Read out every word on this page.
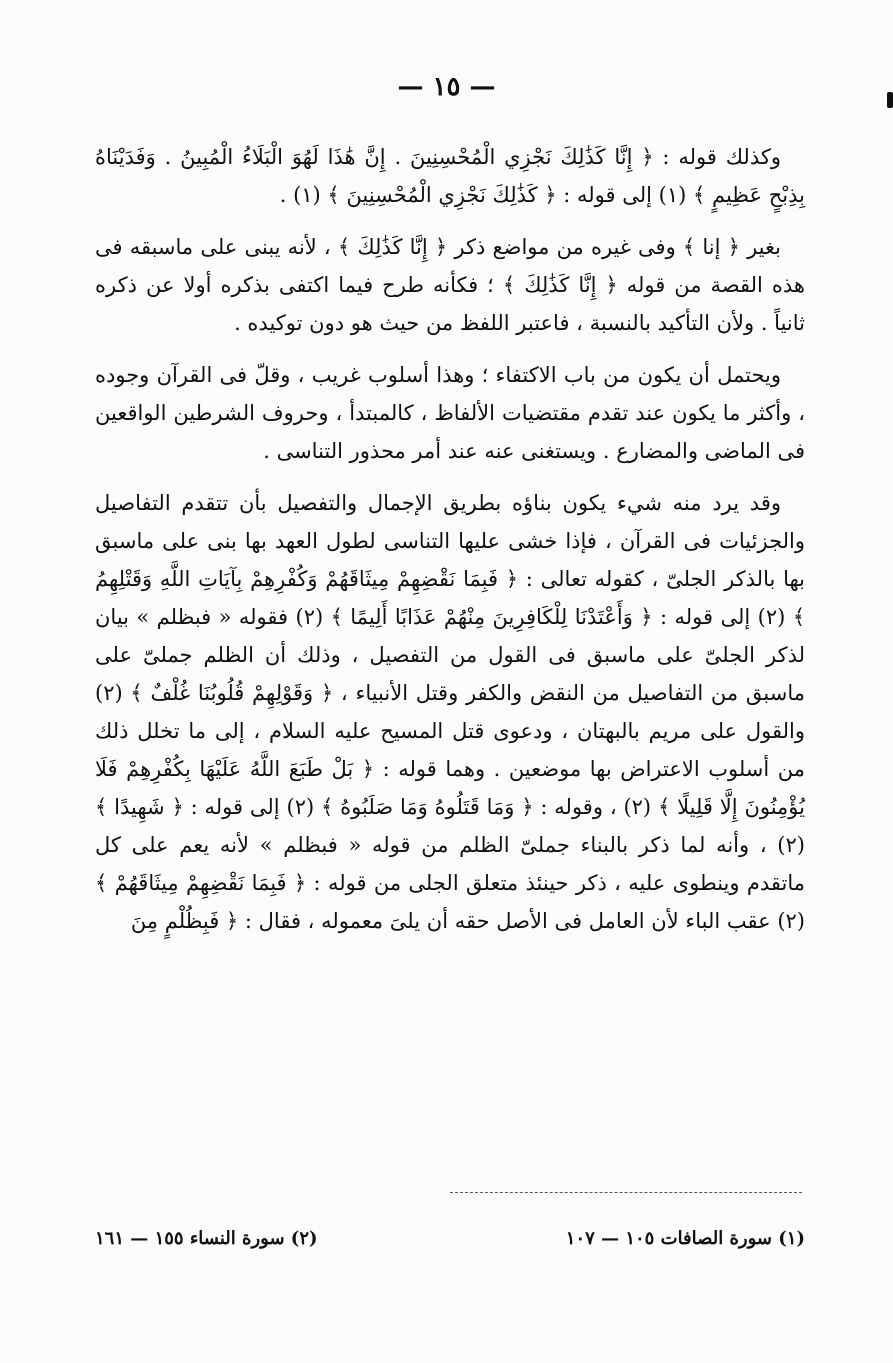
— ١٥ —

وكذلك قوله : ﴿ إِنَّا كَذَٰلِكَ نَجْزِي الْمُحْسِنِينَ . إِنَّ هَٰذَا لَهُوَ الْبَلَاءُ الْمُبِينُ . وَفَدَيْنَاهُ بِذِبْحٍ عَظِيمٍ ﴾ (١) إلى قوله : ﴿ كَذَٰلِكَ نَجْزِي الْمُحْسِنِينَ ﴾ (١) .

بغير ﴿ إنا ﴾ وفى غيره من مواضع ذكر ﴿ إِنَّا كَذَٰلِكَ ﴾ ، لأنه يبنى على ماسبقه فى هذه القصة من قوله ﴿ إِنَّا كَذَٰلِكَ ﴾ ؛ فكأنه طرح فيما اكتفى بذكره أولا عن ذكره ثانياً . ولأن التأكيد بالنسبة ، فاعتبر اللفظ من حيث هو دون توكيده .

ويحتمل أن يكون من باب الاكتفاء ؛ وهذا أسلوب غريب ، وقلّ فى القرآن وجوده ، وأكثر ما يكون عند تقدم مقتضيات الألفاظ ، كالمبتدأ ، وحروف الشرطين الواقعين فى الماضى والمضارع . ويستغنى عنه عند أمر محذور التناسى .

وقد يرد منه شيء يكون بناؤه بطريق الإجمال والتفصيل بأن تتقدم التفاصيل والجزئيات فى القرآن ، فإذا خشى عليها التناسى لطول العهد بها بنى على ماسبق بها بالذكر الجلىّ ، كقوله تعالى : ﴿ فَبِمَا نَقْضِهِمْ مِيثَاقَهُمْ وَكُفْرِهِمْ بِآيَاتِ اللَّهِ وَقَتْلِهِمُ ﴾ (٢) إلى قوله : ﴿ وَأَعْتَدْنَا لِلْكَافِرِينَ مِنْهُمْ عَذَابًا أَلِيمًا ﴾ (٢) فقوله « فبظلم » بيان لذكر الجلىّ على ماسبق فى القول من التفصيل ، وذلك أن الظلم جملىّ على ماسبق من التفاصيل من النقض والكفر وقتل الأنبياء ، ﴿ وَقَوْلِهِمْ قُلُوبُنَا غُلْفٌ ﴾ (٢) والقول على مريم بالبهتان ، ودعوى قتل المسيح عليه السلام ، إلى ما تخلل ذلك من أسلوب الاعتراض بها موضعين . وهما قوله : ﴿ بَلْ طَبَعَ اللَّهُ عَلَيْهَا بِكُفْرِهِمْ فَلَا يُؤْمِنُونَ إِلَّا قَلِيلًا ﴾ (٢) ، وقوله : ﴿ وَمَا قَتَلُوهُ وَمَا صَلَبُوهُ ﴾ (٢) إلى قوله : ﴿ شَهِيدًا ﴾ (٢) ، وأنه لما ذكر بالبناء جملىّ الظلم من قوله « فبظلم » لأنه يعم على كل ماتقدم وينطوى عليه ، ذكر حينئذ متعلق الجلى من قوله : ﴿ فَبِمَا نَقْضِهِمْ مِيثَاقَهُمْ ﴾ (٢) عقب الباء لأن العامل فى الأصل حقه أن يلىَ معموله ، فقال : ﴿ فَبِظُلْمٍ مِنَ

(١) سورة الصافات ١٠٥ — ١٠٧
(٢) سورة النساء ١٥٥ — ١٦١
